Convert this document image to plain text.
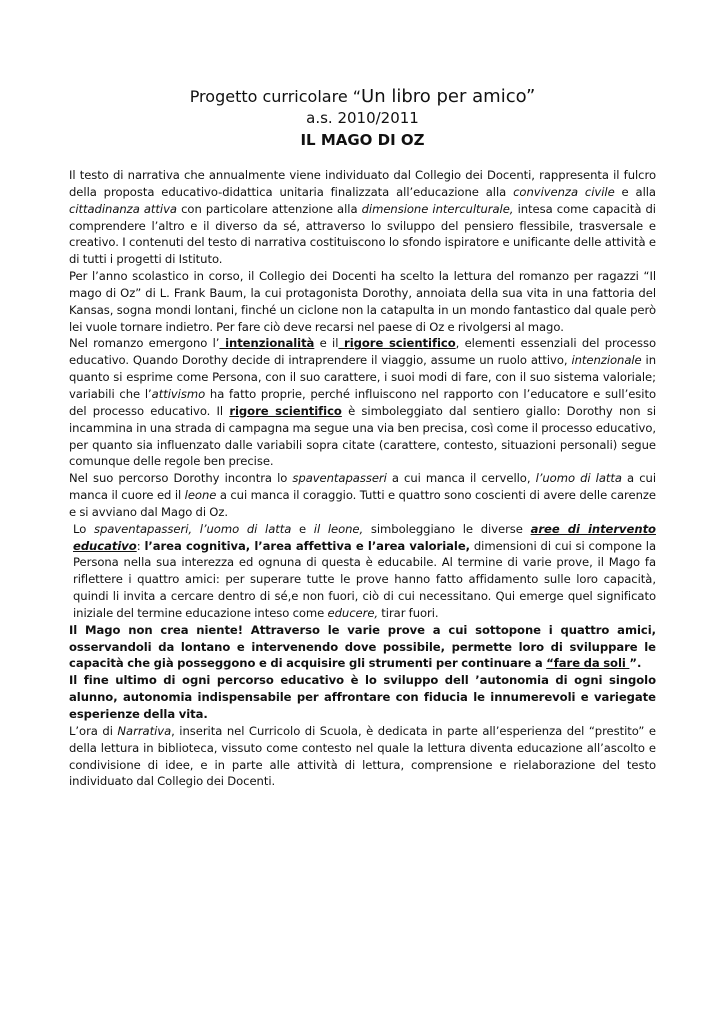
Progetto curricolare “Un libro per amico”
a.s. 2010/2011
IL MAGO DI OZ

Il testo di narrativa che annualmente viene individuato dal Collegio dei Docenti, rappresenta il fulcro della proposta educativo-didattica unitaria finalizzata all’educazione alla convivenza civile e alla cittadinanza attiva con particolare attenzione alla dimensione interculturale, intesa come capacità di comprendere l’altro e il diverso da sé, attraverso lo sviluppo del pensiero flessibile, trasversale e creativo. I contenuti del testo di narrativa costituiscono lo sfondo ispiratore e unificante delle attività e di tutti i progetti di Istituto.

Per l’anno scolastico in corso, il Collegio dei Docenti ha scelto la lettura del romanzo per ragazzi “Il mago di Oz” di L. Frank Baum, la cui protagonista Dorothy, annoiata della sua vita in una fattoria del Kansas, sogna mondi lontani, finché un ciclone non la catapulta in un mondo fantastico dal quale però lei vuole tornare indietro. Per fare ciò deve recarsi nel paese di Oz e rivolgersi al mago.

Nel romanzo emergono l’ intenzionalità e il rigore scientifico, elementi essenziali del processo educativo. Quando Dorothy decide di intraprendere il viaggio, assume un ruolo attivo, intenzionale in quanto si esprime come Persona, con il suo carattere, i suoi modi di fare, con il suo sistema valoriale; variabili che l’attivismo ha fatto proprie, perché influiscono nel rapporto con l’educatore e sull’esito del processo educativo. Il rigore scientifico è simboleggiato dal sentiero giallo: Dorothy non si incammina in una strada di campagna ma segue una via ben precisa, così come il processo educativo, per quanto sia influenzato dalle variabili sopra citate (carattere, contesto, situazioni personali) segue comunque delle regole ben precise.

Nel suo percorso Dorothy incontra lo spaventapasseri a cui manca il cervello, l’uomo di latta a cui manca il cuore ed il leone a cui manca il coraggio. Tutti e quattro sono coscienti di avere delle carenze e si avviano dal Mago di Oz.

Lo spaventapasseri, l’uomo di latta e il leone, simboleggiano le diverse aree di intervento educativo: l’area cognitiva, l’area affettiva e l’area valoriale, dimensioni di cui si compone la Persona nella sua interezza ed ognuna di questa è educabile. Al termine di varie prove, il Mago fa riflettere i quattro amici: per superare tutte le prove hanno fatto affidamento sulle loro capacità, quindi li invita a cercare dentro di sé,e non fuori, ciò di cui necessitano. Qui emerge quel significato iniziale del termine educazione inteso come educere, tirar fuori.

Il Mago non crea niente! Attraverso le varie prove a cui sottopone i quattro amici, osservandoli da lontano e intervenendo dove possibile, permette loro di sviluppare le capacità che già posseggono e di acquisire gli strumenti per continuare a “fare da soli ”.

Il fine ultimo di ogni percorso educativo è lo sviluppo dell ’autonomia di ogni singolo alunno, autonomia indispensabile per affrontare con fiducia le innumerevoli e variegate esperienze della vita.

L’ora di Narrativa, inserita nel Curricolo di Scuola, è dedicata in parte all’esperienza del “prestito” e della lettura in biblioteca, vissuto come contesto nel quale la lettura diventa educazione all’ascolto e condivisione di idee, e in parte alle attività di lettura, comprensione e rielaborazione del testo individuato dal Collegio dei Docenti.
